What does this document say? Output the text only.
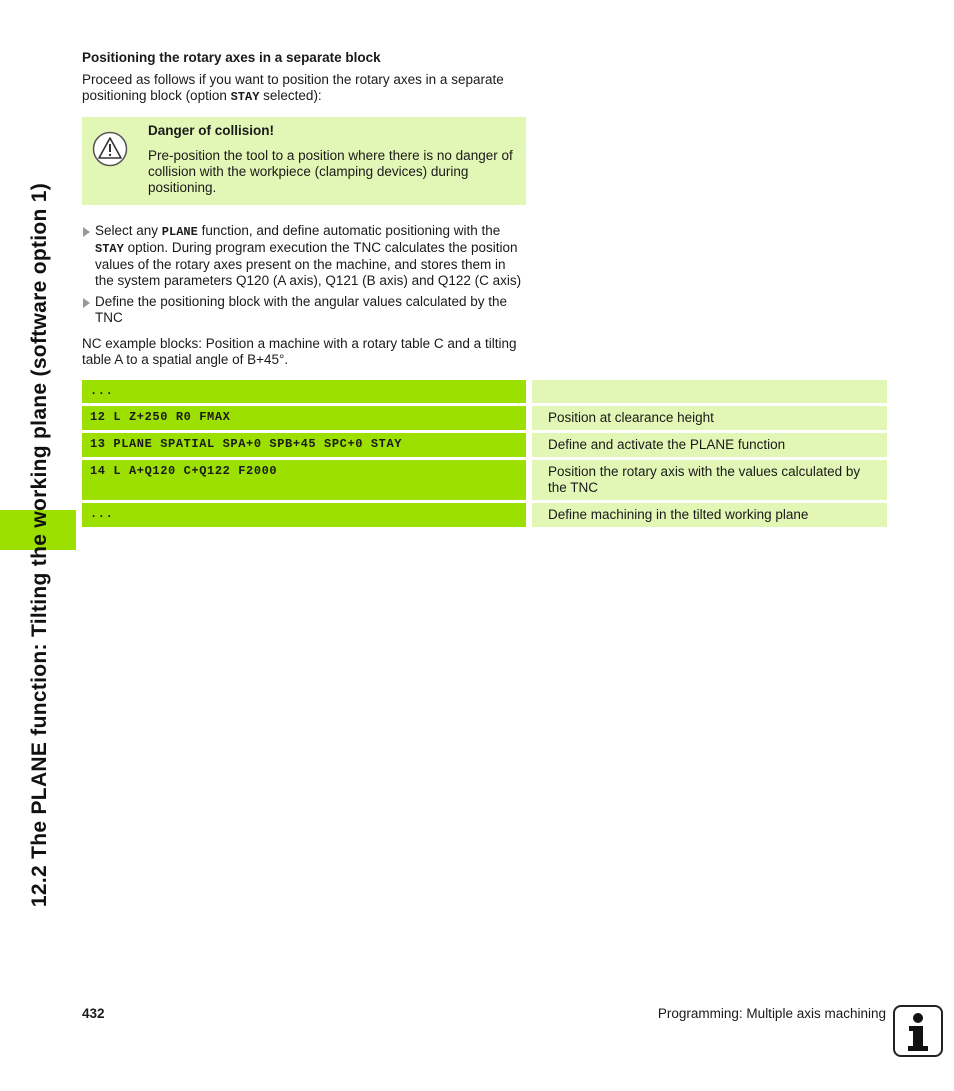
12.2 The PLANE function: Tilting the working plane (software option 1)
Positioning the rotary axes in a separate block

Proceed as follows if you want to position the rotary axes in a separate positioning block (option STAY selected):

Danger of collision!
Pre-position the tool to a position where there is no danger of collision with the workpiece (clamping devices) during positioning.
Select any PLANE function, and define automatic positioning with the STAY option. During program execution the TNC calculates the position values of the rotary axes present on the machine, and stores them in the system parameters Q120 (A axis), Q121 (B axis) and Q122 (C axis)
Define the positioning block with the angular values calculated by the TNC

NC example blocks: Position a machine with a rotary table C and a tilting table A to a spatial angle of B+45°.

...		
12 L Z+250 R0 FMAX		Position at clearance height
13 PLANE SPATIAL SPA+0 SPB+45 SPC+0 STAY		Define and activate the PLANE function
14 L A+Q120 C+Q122 F2000		Position the rotary axis with the values calculated by the TNC
...		Define machining in the tilted working plane
432	Programming: Multiple axis machining
